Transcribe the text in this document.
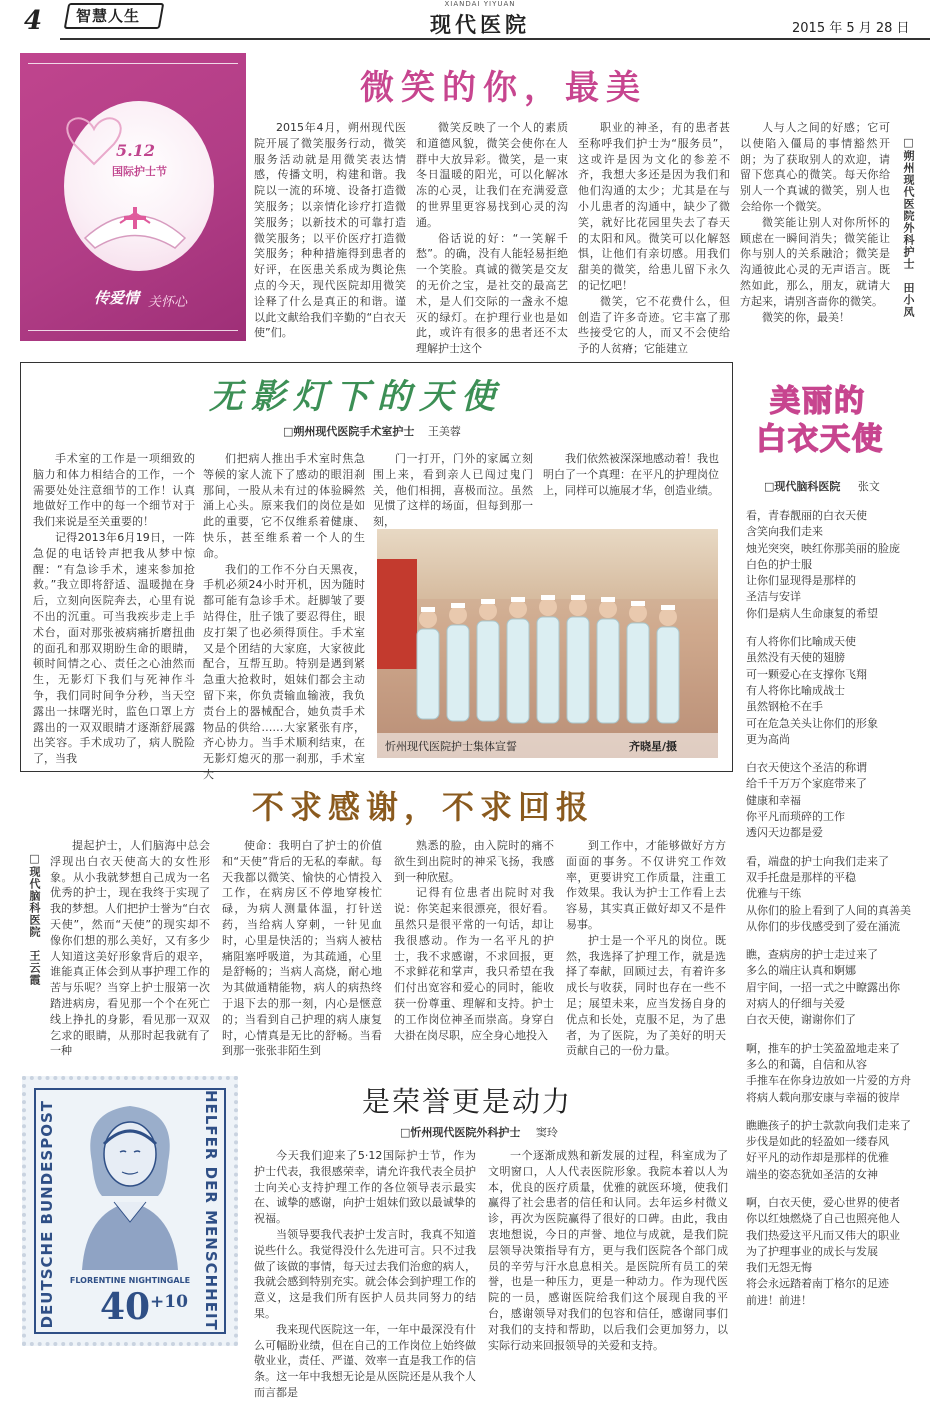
4 智慧人生
XIANDAI YIYUAN
现代医院	2015 年 5 月 28 日
5.12
国际护士节
传爱情 关怀心
微笑的你，最美

2015年4月，朔州现代医院开展了微笑服务行动，微笑服务活动就是用微笑表达情感，传播文明，构建和谐。我院以一流的环境、设备打造微笑服务；以亲情化诊疗打造微笑服务；以新技术的可靠打造微笑服务；以平价医疗打造微笑服务；种种措施得到患者的好评，在医患关系成为舆论焦点的今天，现代医院却用微笑诠释了什么是真正的和谐。谨以此文献给我们辛勤的“白衣天使”们。

微笑反映了一个人的素质和道德风貌，微笑会使你在人群中大放异彩。微笑，是一束冬日温暖的阳光，可以化解冰冻的心灵，让我们在充满爱意的世界里更容易找到心灵的沟通。

俗话说的好：“一笑解千愁”。的确，没有人能轻易拒绝一个笑脸。真诚的微笑是交友的无价之宝，是社交的最高艺术，是人们交际的一盏永不熄灭的绿灯。在护理行业也是如此，或许有很多的患者还不太理解护士这个

职业的神圣，有的患者甚至称呼我们护士为“服务员”，这或许是因为文化的参差不齐，我想大多还是因为我们和他们沟通的太少；尤其是在与小儿患者的沟通中，缺少了微笑，就好比花园里失去了春天的太阳和风。微笑可以化解怒惧，让他们有亲切感。用我们甜美的微笑，给患儿留下永久的记忆吧！

微笑，它不花费什么，但创造了许多奇迹。它丰富了那些接受它的人，而又不会使给予的人贫瘠；它能建立

人与人之间的好感；它可以使陷入僵局的事情豁然开朗；为了获取别人的欢迎，请留下您真心的微笑。每天你给别人一个真诚的微笑，别人也会给你一个微笑。

微笑能让别人对你所怀的顾虑在一瞬间消失；微笑能让你与别人的关系融洽；微笑是沟通彼此心灵的无声语言。既然如此，那么，朋友，就请大方起来，请别吝啬你的微笑。

微笑的你，最美！	□朔州现代医院外科护士　田小凤
无影灯下的天使
□朔州现代医院手术室护士 王美蓉

手术室的工作是一项细致的脑力和体力相结合的工作，一个需要处处注意细节的工作！认真地做好工作中的每一个细节对于我们来说是至关重要的！

记得2013年6月19日，一阵急促的电话铃声把我从梦中惊醒：“有急诊手术，速来参加抢救。”我立即将舒适、温暖抛在身后，立刻向医院奔去，心里有说不出的沉重。可当我疾步走上手术台，面对那张被病痛折磨扭曲的面孔和那双期盼生命的眼睛，顿时间情之心、责任之心油然而生，无影灯下我们与死神作斗争，我们同时间争分秒，当天空露出一抹曙光时，监色口罩上方露出的一双双眼睛才逐渐舒展露出笑容。手术成功了，病人脱险了，当我

们把病人推出手术室时焦急等候的家人流下了感动的眼泪刹那间，一股从未有过的体验瞬然涌上心头。原来我们的岗位是如此的重要，它不仅维系着健康、快乐，甚至维系着一个人的生命。

我们的工作不分白天黑夜，手机必须24小时开机，因为随时都可能有急诊手术。赶脚皱了要站得住，肚子饿了要忍得住，眼皮打架了也必须得顶住。手术室又是个团结的大家庭，大家彼此配合，互帮互助。特别是遇到紧急重大抢救时，姐妹们都会主动留下来，你负责输血输液，我负责台上的器械配合，她负责手术物品的供给……大家紧张有序，齐心协力。当手术顺利结束，在无影灯熄灭的那一刹那，手术室大

门一打开，门外的家属立刻围上来，看到亲人已闯过鬼门关，他们相拥，喜极而泣。虽然见惯了这样的场面，但每到那一刻，

我们依然被深深地感动着！我也明白了一个真理：在平凡的护理岗位上，同样可以施展才华，创造业绩。

忻州现代医院护士集体宣誓	齐晓星/摄
美丽的
白衣天使
□现代脑科医院 张文
看，青春靓丽的白衣天使
含笑向我们走来
烛光突突，映红你那美丽的脸庞
白色的护士服
让你们显现得是那样的
圣洁与安详
你们是病人生命康复的希望
有人将你们比喻成天使
虽然没有天使的翅膀
可一颗爱心在支撑你飞翔
有人将你比喻成战士
虽然钢枪不在手
可在危急关头让你们的形象
更为高尚
白衣天使这个圣洁的称谓
给千千万万个家庭带来了
健康和幸福
你平凡而琐碎的工作
透闪天边都是爱
看，端盘的护士向我们走来了
双手托盘是那样的平稳
优雅与干练
从你们的脸上看到了人间的真善美
从你们的步伐感受到了爱在涌流
瞧，查病房的护士走过来了
多么的端庄认真和婀娜
眉宇间，一招一式之中瞭露出你
对病人的仔细与关爱
白衣天使，谢谢你们了
啊，推车的护士笑盈盈地走来了
多么的和蔼，自信和从容
手推车在你身边放如一片爱的方舟
将病人载向那安康与幸福的彼岸
瞧瞧孩子的护士款款向我们走来了
步伐是如此的轻盈如一缕春风
好平凡的动作却是那样的优雅
端坐的姿态犹如圣洁的女神
啊，白衣天使，爱心世界的使者
你以红烛燃烧了自己也照亮他人
我们热爱这平凡而又伟大的职业
为了护理事业的成长与发展
我们无怨无悔
将会永远踏着南丁格尔的足迹
前进！前进！
不求感谢，不求回报
□现代脑科医院　王云霞

提起护士，人们脑海中总会浮现出白衣天使高大的女性形象。从小我就梦想自己成为一名优秀的护士，现在我终于实现了我的梦想。人们把护士誉为“白衣天使”，然而“天使”的现实却不像你们想的那么美好，又有多少人知道这美好形象背后的艰辛，谁能真正体会到从事护理工作的苦与乐呢？当穿上护士服第一次踏进病房，看见那一个个在死亡线上挣扎的身影，看见那一双双乞求的眼睛，从那时起我就有了一种

使命：我明白了护士的价值和“天使”背后的无私的奉献。每天我都以微笑、愉快的心情投入工作，在病房区不停地穿梭忙碌，为病人测量体温，打针送药，当给病人穿刺，一针见血时，心里是快活的；当病人被枯痛阻塞呼吸道，为其疏通，心里是舒畅的；当病人高烧，耐心地为其做通精能物，病人的病热终于退下去的那一刻，内心是惬意的；当看到自己护理的病人康复时，心情真是无比的舒畅。当看到那一张张非陌生到

熟悉的脸，由入院时的痛不欲生到出院时的神采飞扬，我感到一种欣慰。

记得有位患者出院时对我说：你笑起来很漂亮，很好看。虽然只是很平常的一句话，却让我很感动。作为一名平凡的护士，我不求感谢，不求回报，更不求鲜花和掌声，我只希望在我们付出宽容和爱心的同时，能收获一份尊重、理解和支持。护士的工作岗位神圣而崇高。身穿白大褂在岗尽职，应全身心地投入

到工作中，才能够做好方方面面的事务。不仅讲究工作效率，更要讲究工作质量，注重工作效果。我认为护士工作看上去容易，其实真正做好却又不是件易事。

护士是一个平凡的岗位。既然，我选择了护理工作，就是选择了奉献，回顾过去，有着许多成长与收获，同时也存在一些不足；展望未来，应当发扬自身的优点和长处，克服不足，为了患者，为了医院，为了美好的明天贡献自己的一份力量。

DEUTSCHE BUNDESPOST	HELFER DER MENSCHHEIT
FLORENTINE NIGHTINGALE
40 +10
是荣誉更是动力
□忻州现代医院外科护士 窦玲

今天我们迎来了5·12国际护士节，作为护士代表，我很感荣幸，请允许我代表全员护士向关心支持护理工作的各位领导表示最实在、诚挚的感谢，向护士姐妹们致以最诚挚的祝福。

当领导要我代表护士发言时，我真不知道说些什么。我觉得没什么先进可言。只不过我做了该做的事情，每天过去我们治愈的病人，我就会感到特别充实。就会体会到护理工作的意义，这是我们所有医护人员共同努力的结果。

我来现代医院这一年，一年中最深没有什么可幅盼业绩，但在自己的工作岗位上始终做敬业业，责任、严谨、效率一直是我工作的信条。这一年中我想无论是从医院还是从我个人而言都是

一个逐渐成熟和新发展的过程，科室成为了文明窗口，人人代表医院形象。我院本着以人为本，优良的医疗质量，优雅的就医环境，使我们赢得了社会患者的信任和认同。去年运乡村微义诊，再次为医院赢得了很好的口碑。由此，我由衷地想说，今日的声誉、地位与成就，是我们院层领导决策指导有方，更与我们医院各个部门成员的辛劳与汗水息息相关。是医院所有员工的荣誉，也是一种压力，更是一种动力。作为现代医院的一员，感谢医院给我们这个展现自我的平台，感谢领导对我们的包容和信任，感谢同事们对我们的支持和帮助，以后我们会更加努力，以实际行动来回报领导的关爱和支持。
